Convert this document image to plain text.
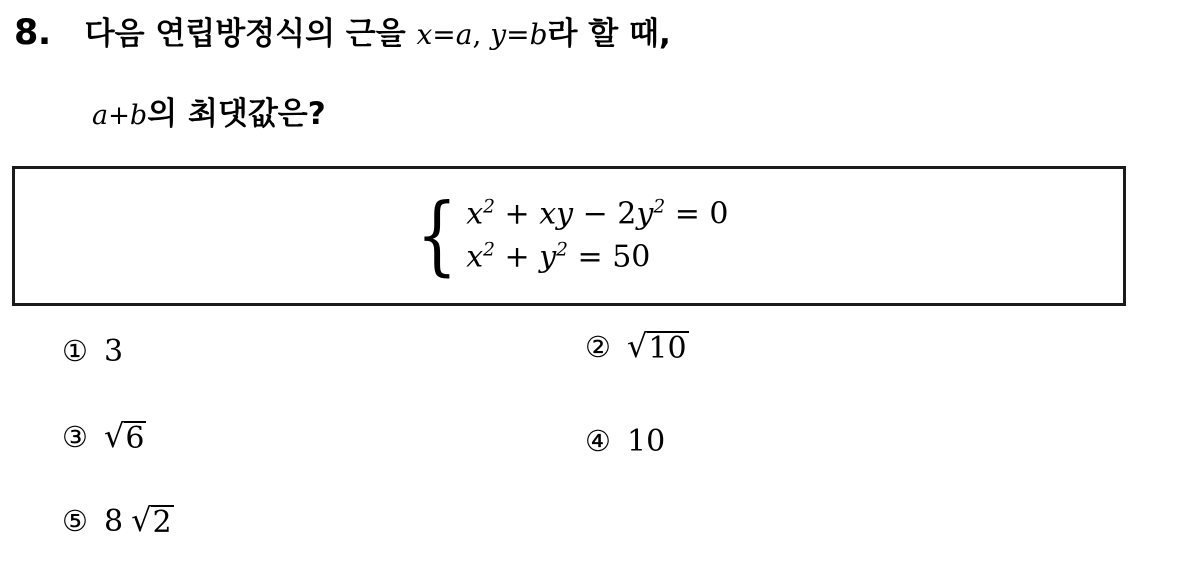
8. 다음 연립방정식의 근을 x=a, y=b라 할 때,
a+b의 최댓값은?
{ $x^2$ + xy − $2y^2 = 0$
$x^2 + y^2 = 50$
① 3	② √ 10
③ √ 6	④ 10
⑤ 8 √ 2
